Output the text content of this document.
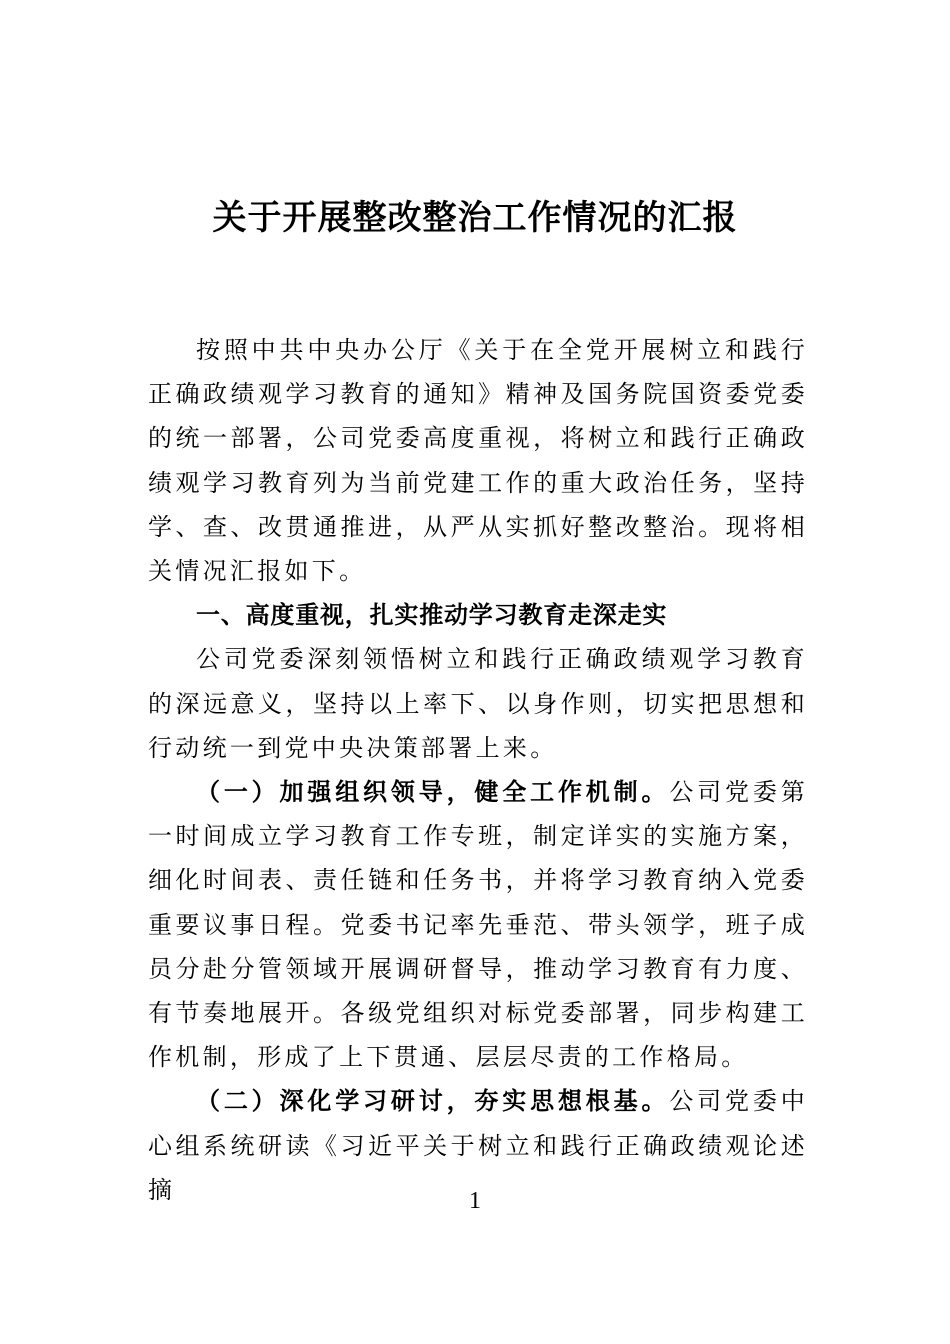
关于开展整改整治工作情况的汇报

按照中共中央办公厅《关于在全党开展树立和践行正确政绩观学习教育的通知》精神及国务院国资委党委的统一部署，公司党委高度重视，将树立和践行正确政绩观学习教育列为当前党建工作的重大政治任务，坚持学、查、改贯通推进，从严从实抓好整改整治。现将相关情况汇报如下。

一、高度重视，扎实推动学习教育走深走实

公司党委深刻领悟树立和践行正确政绩观学习教育的深远意义，坚持以上率下、以身作则，切实把思想和行动统一到党中央决策部署上来。

（一）加强组织领导，健全工作机制。公司党委第一时间成立学习教育工作专班，制定详实的实施方案，细化时间表、责任链和任务书，并将学习教育纳入党委重要议事日程。党委书记率先垂范、带头领学，班子成员分赴分管领域开展调研督导，推动学习教育有力度、有节奏地展开。各级党组织对标党委部署，同步构建工作机制，形成了上下贯通、层层尽责的工作格局。

（二）深化学习研讨，夯实思想根基。公司党委中心组系统研读《习近平关于树立和践行正确政绩观论述摘	1
